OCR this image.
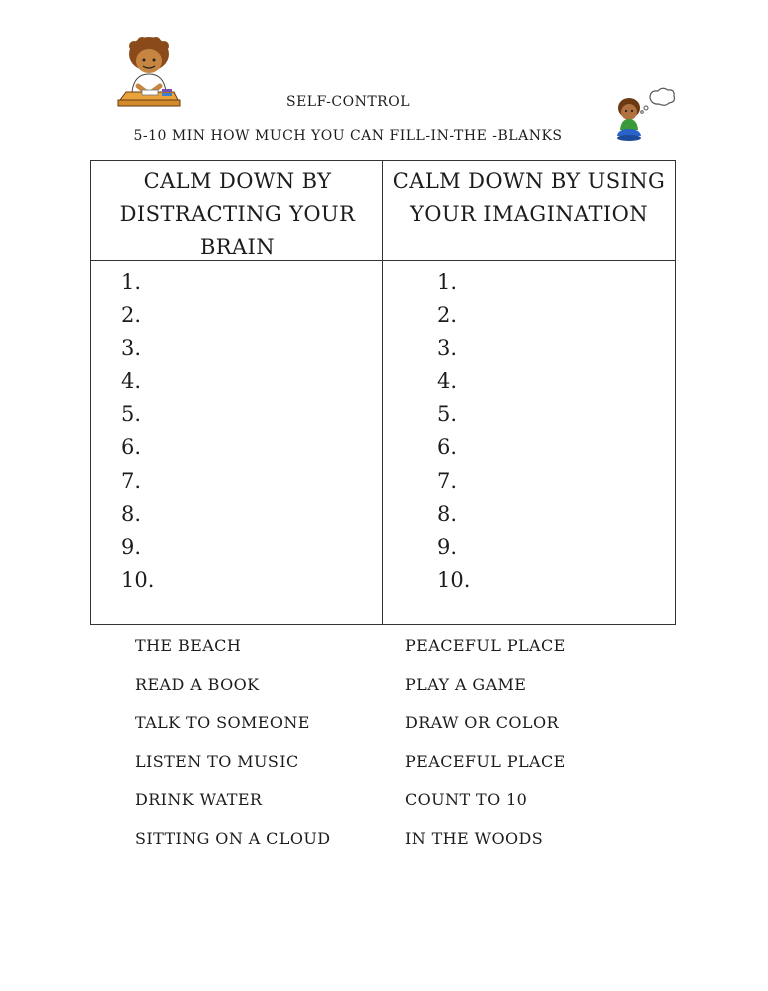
SELF-CONTROL
5-10 MIN HOW MUCH YOU CAN FILL-IN-THE -BLANKS
CALM DOWN BY DISTRACTING YOUR BRAIN
CALM DOWN BY USING YOUR IMAGINATION
1.
2.
3.
4.
5.
6.
7.
8.
9.
10.
1.
2.
3.
4.
5.
6.
7.
8.
9.
10.
THE BEACH
READ A BOOK
TALK TO SOMEONE
LISTEN TO MUSIC
DRINK WATER
SITTING ON A CLOUD
PEACEFUL PLACE
PLAY A GAME
DRAW OR COLOR
PEACEFUL PLACE
COUNT TO 10
IN THE WOODS
